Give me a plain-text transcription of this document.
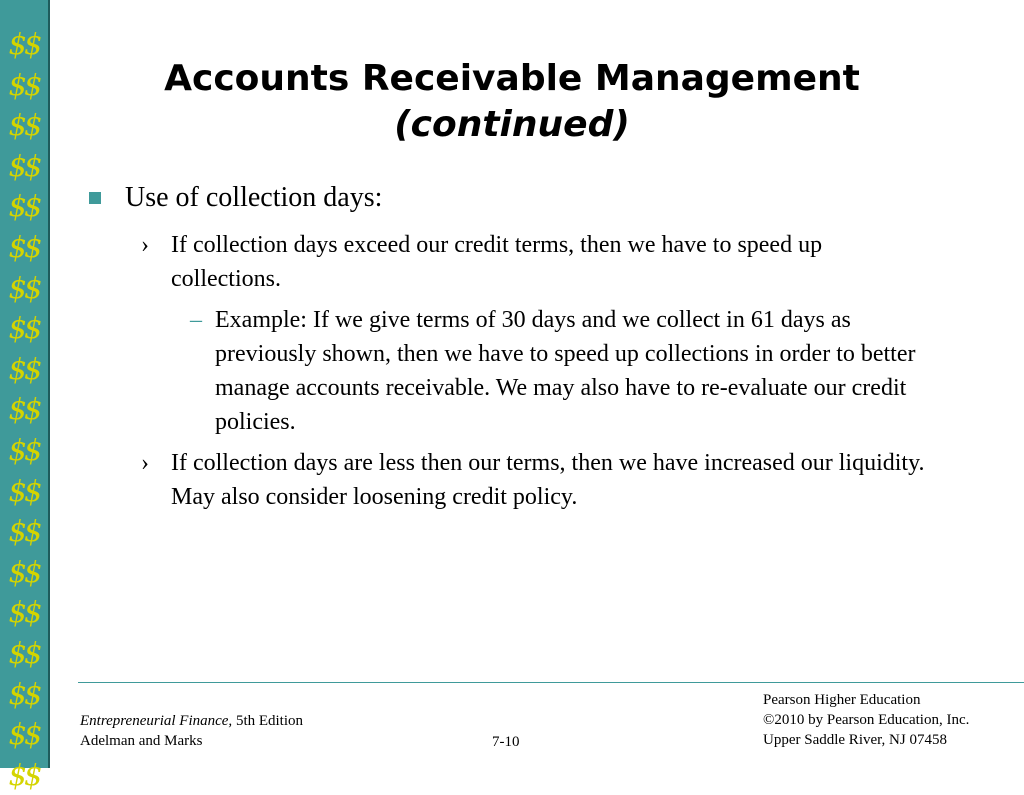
$$
$$
$$
$$
$$
$$
$$
$$
$$
$$
$$
$$
$$
$$
$$
$$
$$
$$
$$
Accounts Receivable Management
(continued)
Use of collection days:
› If collection days exceed our credit terms, then we have to speed up collections.
– Example: If we give terms of 30 days and we collect in 61 days as previously shown, then we have to speed up collections in order to better manage accounts receivable. We may also have to re-evaluate our credit policies.
› If collection days are less then our terms, then we have increased our liquidity. May also consider loosening credit policy.
Entrepreneurial Finance, 5th Edition
Adelman and Marks	7-10
Pearson Higher Education
©2010 by Pearson Education, Inc.
Upper Saddle River, NJ 07458
